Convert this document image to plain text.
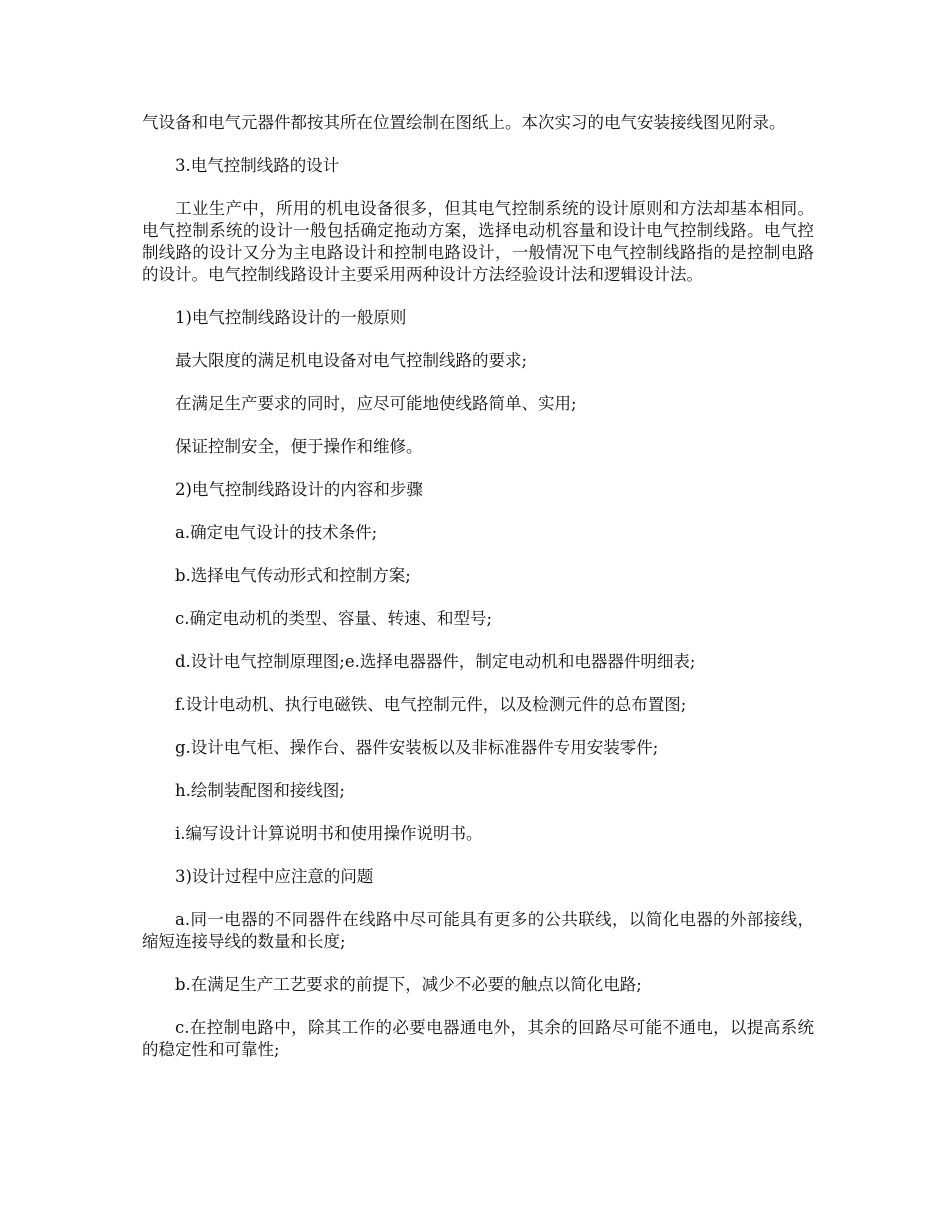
气设备和电气元器件都按其所在位置绘制在图纸上。本次实习的电气安装接线图见附录。

3.电气控制线路的设计

工业生产中，所用的机电设备很多，但其电气控制系统的设计原则和方法却基本相同。电气控制系统的设计一般包括确定拖动方案，选择电动机容量和设计电气控制线路。电气控制线路的设计又分为主电路设计和控制电路设计，一般情况下电气控制线路指的是控制电路的设计。电气控制线路设计主要采用两种设计方法经验设计法和逻辑设计法。

1)电气控制线路设计的一般原则

最大限度的满足机电设备对电气控制线路的要求;

在满足生产要求的同时，应尽可能地使线路简单、实用;

保证控制安全，便于操作和维修。

2)电气控制线路设计的内容和步骤

a.确定电气设计的技术条件;

b.选择电气传动形式和控制方案;

c.确定电动机的类型、容量、转速、和型号;

d.设计电气控制原理图;e.选择电器器件，制定电动机和电器器件明细表;

f.设计电动机、执行电磁铁、电气控制元件，以及检测元件的总布置图;

g.设计电气柜、操作台、器件安装板以及非标准器件专用安装零件;

h.绘制装配图和接线图;

i.编写设计计算说明书和使用操作说明书。

3)设计过程中应注意的问题

a.同一电器的不同器件在线路中尽可能具有更多的公共联线，以简化电器的外部接线，缩短连接导线的数量和长度;

b.在满足生产工艺要求的前提下，减少不必要的触点以简化电路;

c.在控制电路中，除其工作的必要电器通电外，其余的回路尽可能不通电，以提高系统的稳定性和可靠性;
